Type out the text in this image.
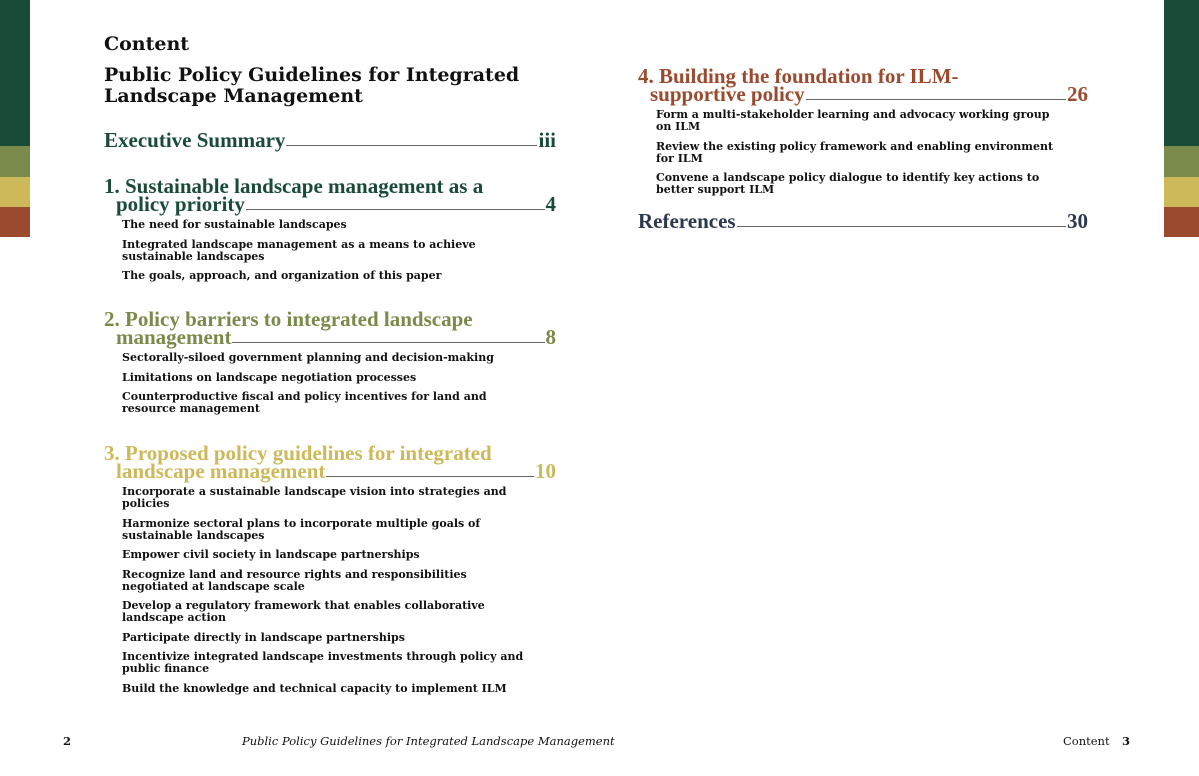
Content
Public Policy Guidelines for Integrated Landscape Management
Executive Summary	iii
1. Sustainable landscape management as a
policy priority	4
The need for sustainable landscapes
Integrated landscape management as a means to achieve sustainable landscapes
The goals, approach, and organization of this paper
2. Policy barriers to integrated landscape
management	8
Sectorally-siloed government planning and decision-making
Limitations on landscape negotiation processes
Counterproductive fiscal and policy incentives for land and resource management
3. Proposed policy guidelines for integrated
landscape management	10
Incorporate a sustainable landscape vision into strategies and policies
Harmonize sectoral plans to incorporate multiple goals of sustainable landscapes
Empower civil society in landscape partnerships
Recognize land and resource rights and responsibilities negotiated at landscape scale
Develop a regulatory framework that enables collaborative landscape action
Participate directly in landscape partnerships
Incentivize integrated landscape investments through policy and public finance
Build the knowledge and technical capacity to implement ILM
4. Building the foundation for ILM-
supportive policy	26
Form a multi-stakeholder learning and advocacy working group on ILM
Review the existing policy framework and enabling environment for ILM
Convene a landscape policy dialogue to identify key actions to better support ILM
References	30
2	Public Policy Guidelines for Integrated Landscape Management	Content 3
